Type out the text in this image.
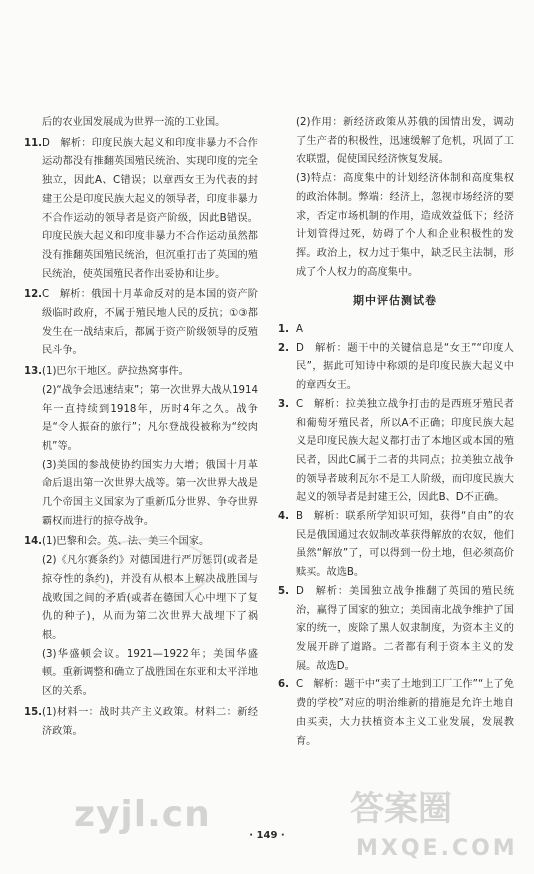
后的农业国发展成为世界一流的工业国。

11. D　解析：印度民族大起义和印度非暴力不合作运动都没有推翻英国殖民统治、实现印度的完全独立，因此A、C错误；以章西女王为代表的封建王公是印度民族大起义的领导者，印度非暴力不合作运动的领导者是资产阶级，因此B错误。印度民族大起义和印度非暴力不合作运动虽然都没有推翻英国殖民统治，但沉重打击了英国的殖民统治，使英国殖民者作出妥协和让步。

12. C　解析：俄国十月革命反对的是本国的资产阶级临时政府，不属于殖民地人民的反抗；①③都发生在一战结束后，都属于资产阶级领导的反殖民斗争。

13. (1)巴尔干地区。萨拉热窝事件。

(2)“战争会迅速结束”；第一次世界大战从1914年一直持续到1918年，历时4年之久。战争是“令人振奋的旅行”；凡尔登战役被称为“绞肉机”等。

(3)美国的参战使协约国实力大增；俄国十月革命后退出第一次世界大战等。第一次世界大战是几个帝国主义国家为了重新瓜分世界、争夺世界霸权而进行的掠夺战争。

14. (1)巴黎和会。英、法、美三个国家。

(2)《凡尔赛条约》对德国进行严厉惩罚(或者是掠夺性的条约)，并没有从根本上解决战胜国与战败国之间的矛盾(或者在德国人心中埋下了复仇的种子)，从而为第二次世界大战埋下了祸根。

(3)华盛顿会议。1921—1922年；美国华盛顿。重新调整和确立了战胜国在东亚和太平洋地区的关系。

15. (1)材料一：战时共产主义政策。材料二：新经济政策。

(2)作用：新经济政策从苏俄的国情出发，调动了生产者的积极性，迅速缓解了危机，巩固了工农联盟，促使国民经济恢复发展。

(3)特点：高度集中的计划经济体制和高度集权的政治体制。弊端：经济上，忽视市场经济的要求，否定市场机制的作用，造成效益低下；经济计划管得过死，妨碍了个人和企业积极性的发挥。政治上，权力过于集中，缺乏民主法制，形成了个人权力的高度集中。

期中评估测试卷
1. A

2. D　解析：题干中的关键信息是“女王”“印度人民”，据此可知诗中称颂的是印度民族大起义中的章西女王。

3. C　解析：拉美独立战争打击的是西班牙殖民者和葡萄牙殖民者，所以A不正确；印度民族大起义是印度民族大起义都打击了本地区或本国的殖民者，因此C属于二者的共同点；拉美独立战争的领导者玻利瓦尔不是工人阶级，而印度民族大起义的领导者是封建王公，因此B、D不正确。

4. B　解析：联系所学知识可知，获得“自由”的农民是俄国通过农奴制改革获得解放的农奴，他们虽然“解放”了，可以得到一份土地，但必须高价赎买。故选B。

5. D　解析：美国独立战争推翻了英国的殖民统治，赢得了国家的独立；美国南北战争维护了国家的统一，废除了黑人奴隶制度，为资本主义的发展开辟了道路。二者都有利于资本主义的发展。故选D。

6. C　解析：题干中“卖了土地到工厂工作”“上了免费的学校”对应的明治维新的措施是允许土地自由买卖，大力扶植资本主义工业发展，发展教育。

· 149 ·
zyjl.cn	答案圈
MXQE.COM
